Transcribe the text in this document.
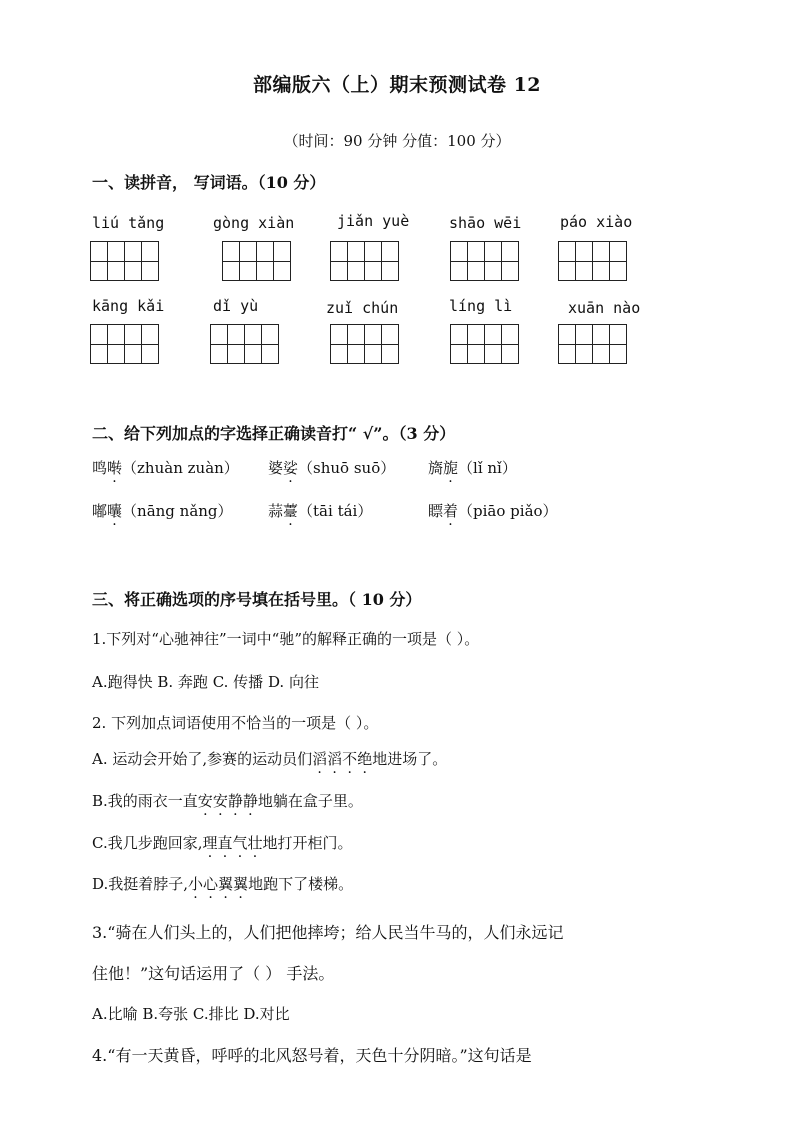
部编版六（上）期末预测试卷 12
（时间：90 分钟 分值：100 分）
一、读拼音， 写词语。（10 分）
liú tǎng	gòng xiàn	jiǎn yuè	shāo wēi	páo xiào
kāng kǎi	dǐ yù	zuǐ chún	líng lì	xuān nào
二、给下列加点的字选择正确读音打“ √”。（3 分）
鸣啭（zhuàn zuàn） 婆娑（shuō suō） 旖旎（lǐ nǐ）
嘟囔（nāng nǎng） 蒜薹（tāi tái）	瞟着（piāo piǎo）
三、将正确选项的序号填在括号里。（ 10 分）
1.下列对“心驰神往”一词中“驰”的解释正确的一项是（ ）。
A.跑得快 B. 奔跑 C. 传播 D. 向往
2. 下列加点词语使用不恰当的一项是（ ）。
A. 运动会开始了,参赛的运动员们滔滔不绝地进场了。
B.我的雨衣一直安安静静地躺在盒子里。
C.我几步跑回家,理直气壮地打开柜门。
D.我挺着脖子,小心翼翼地跑下了楼梯。
3.“骑在人们头上的，人们把他摔垮；给人民当牛马的，人们永远记
住他！”这句话运用了（ ） 手法。
A.比喻 B.夸张 C.排比 D.对比
4.“有一天黄昏，呼呼的北风怒号着，天色十分阴暗。”这句话是
